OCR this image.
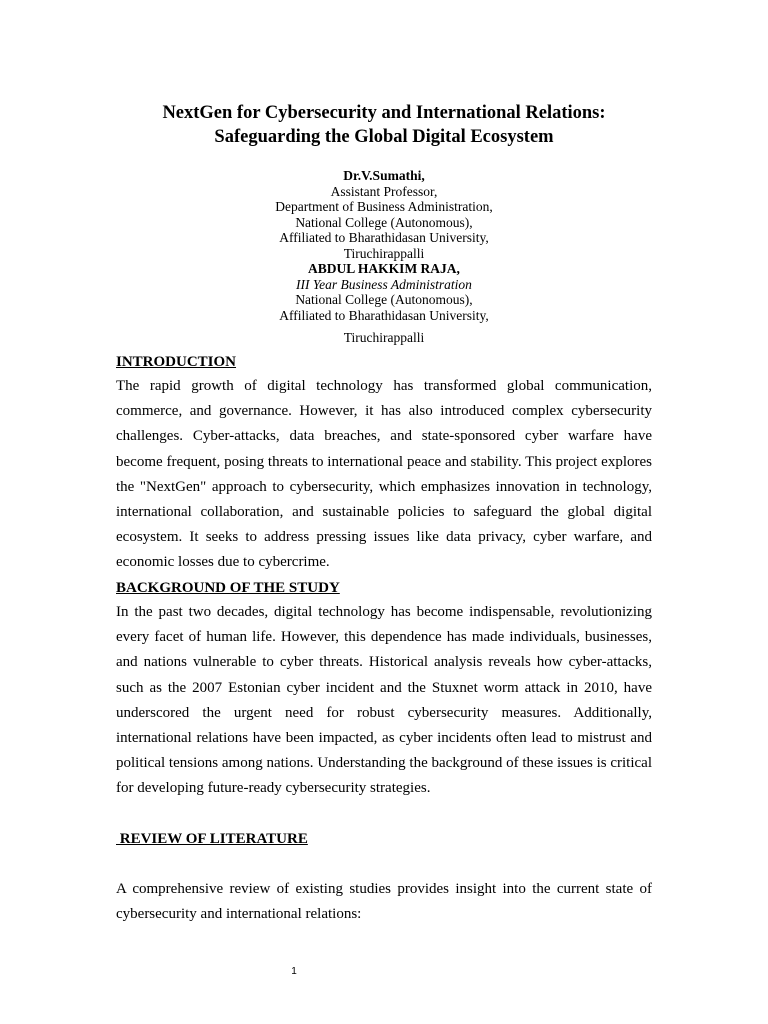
NextGen for Cybersecurity and International Relations:
Safeguarding the Global Digital Ecosystem
Dr.V.Sumathi,
Assistant Professor,
Department of Business Administration,
National College (Autonomous),
Affiliated to Bharathidasan University,
Tiruchirappalli
ABDUL HAKKIM RAJA,
III Year Business Administration
National College (Autonomous),
Affiliated to Bharathidasan University,
Tiruchirappalli
INTRODUCTION

The rapid growth of digital technology has transformed global communication, commerce, and governance. However, it has also introduced complex cybersecurity challenges. Cyber-attacks, data breaches, and state-sponsored cyber warfare have become frequent, posing threats to international peace and stability. This project explores the "NextGen" approach to cybersecurity, which emphasizes innovation in technology, international collaboration, and sustainable policies to safeguard the global digital ecosystem. It seeks to address pressing issues like data privacy, cyber warfare, and economic losses due to cybercrime.

BACKGROUND OF THE STUDY

In the past two decades, digital technology has become indispensable, revolutionizing every facet of human life. However, this dependence has made individuals, businesses, and nations vulnerable to cyber threats. Historical analysis reveals how cyber-attacks, such as the 2007 Estonian cyber incident and the Stuxnet worm attack in 2010, have underscored the urgent need for robust cybersecurity measures. Additionally, international relations have been impacted, as cyber incidents often lead to mistrust and political tensions among nations. Understanding the background of these issues is critical for developing future-ready cybersecurity strategies.

REVIEW OF LITERATURE

A comprehensive review of existing studies provides insight into the current state of cybersecurity and international relations:

1
